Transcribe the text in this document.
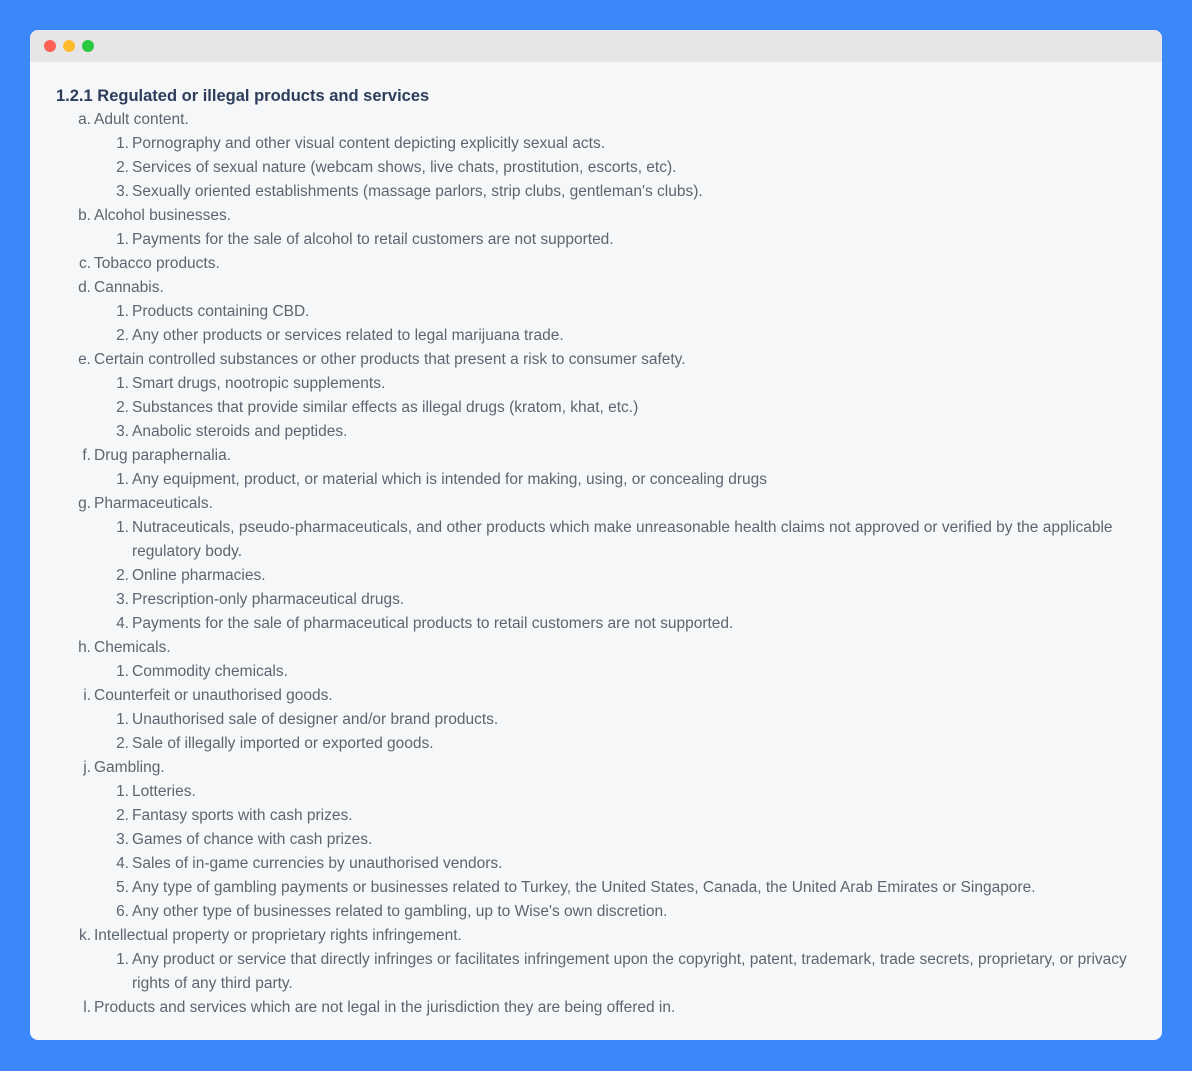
1.2.1 Regulated or illegal products and services
a. Adult content.
1. Pornography and other visual content depicting explicitly sexual acts.
2. Services of sexual nature (webcam shows, live chats, prostitution, escorts, etc).
3. Sexually oriented establishments (massage parlors, strip clubs, gentleman's clubs).
b. Alcohol businesses.
1. Payments for the sale of alcohol to retail customers are not supported.
c. Tobacco products.
d. Cannabis.
1. Products containing CBD.
2. Any other products or services related to legal marijuana trade.
e. Certain controlled substances or other products that present a risk to consumer safety.
1. Smart drugs, nootropic supplements.
2. Substances that provide similar effects as illegal drugs (kratom, khat, etc.)
3. Anabolic steroids and peptides.
f. Drug paraphernalia.
1. Any equipment, product, or material which is intended for making, using, or concealing drugs
g. Pharmaceuticals.
1. Nutraceuticals, pseudo-pharmaceuticals, and other products which make unreasonable health claims not approved or verified by the applicable regulatory body.
2. Online pharmacies.
3. Prescription-only pharmaceutical drugs.
4. Payments for the sale of pharmaceutical products to retail customers are not supported.
h. Chemicals.
1. Commodity chemicals.
i. Counterfeit or unauthorised goods.
1. Unauthorised sale of designer and/or brand products.
2. Sale of illegally imported or exported goods.
j. Gambling.
1. Lotteries.
2. Fantasy sports with cash prizes.
3. Games of chance with cash prizes.
4. Sales of in-game currencies by unauthorised vendors.
5. Any type of gambling payments or businesses related to Turkey, the United States, Canada, the United Arab Emirates or Singapore.
6. Any other type of businesses related to gambling, up to Wise's own discretion.
k. Intellectual property or proprietary rights infringement.
1. Any product or service that directly infringes or facilitates infringement upon the copyright, patent, trademark, trade secrets, proprietary, or privacy rights of any third party.
l. Products and services which are not legal in the jurisdiction they are being offered in.
